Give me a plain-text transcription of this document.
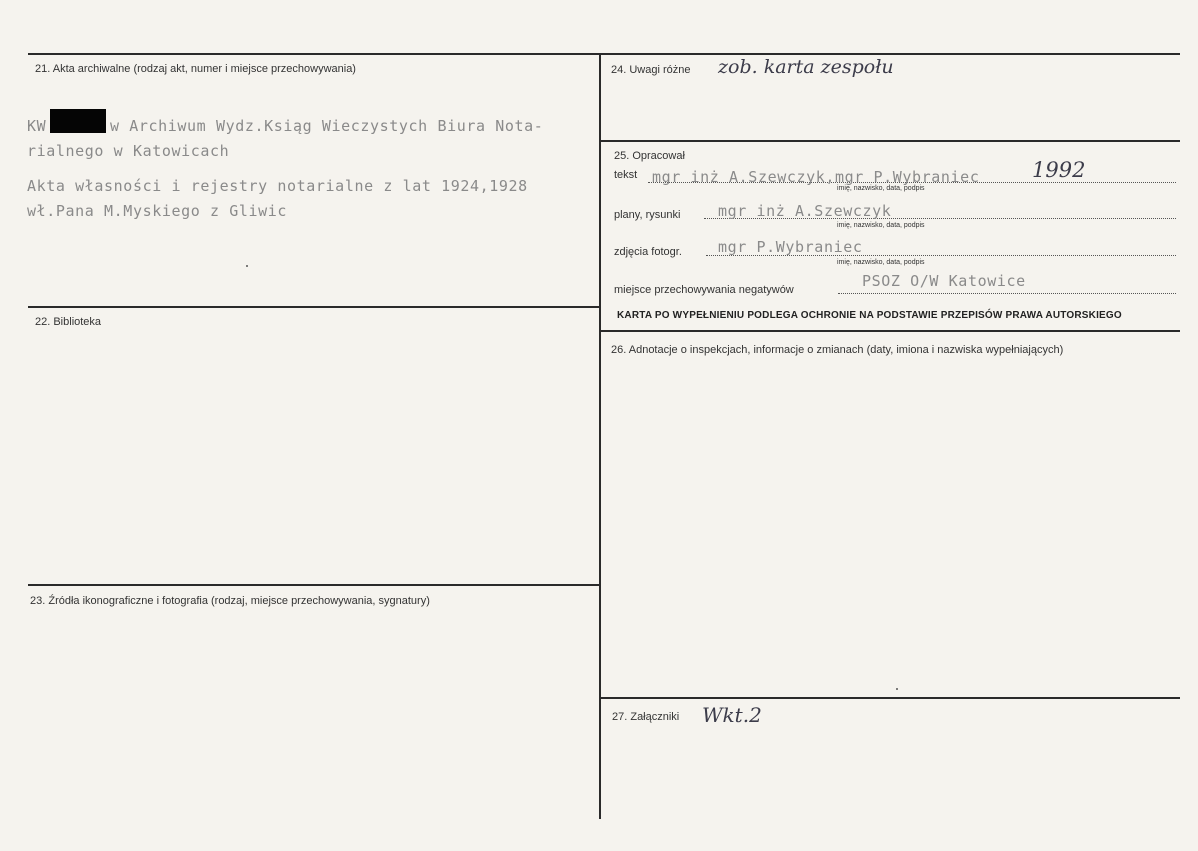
21. Akta archiwalne (rodzaj akt, numer i miejsce przechowywania)
KW	w Archiwum Wydz.Ksiąg Wieczystych Biura Nota-
rialnego w Katowicach
Akta własności i rejestry notarialne z lat 1924,1928
wł.Pana M.Myskiego z Gliwic
22. Biblioteka
23. Źródła ikonograficzne i fotografia (rodzaj, miejsce przechowywania, sygnatury)
24. Uwagi różne zob. karta zespołu
25. Opracował
tekst mgr inż A.Szewczyk,mgr P.Wybraniec	1992
imię, nazwisko, data, podpis
plany, rysunki	mgr inż A.Szewczyk
imię, nazwisko, data, podpis
zdjęcia fotogr. mgr P.Wybraniec
imię, nazwisko, data, podpis
miejsce przechowywania negatywów	PSOZ O/W Katowice
KARTA PO WYPEŁNIENIU PODLEGA OCHRONIE NA PODSTAWIE PRZEPISÓW PRAWA AUTORSKIEGO
26. Adnotacje o inspekcjach, informacje o zmianach (daty, imiona i nazwiska wypełniających)
27. Załączniki Wkt.2
